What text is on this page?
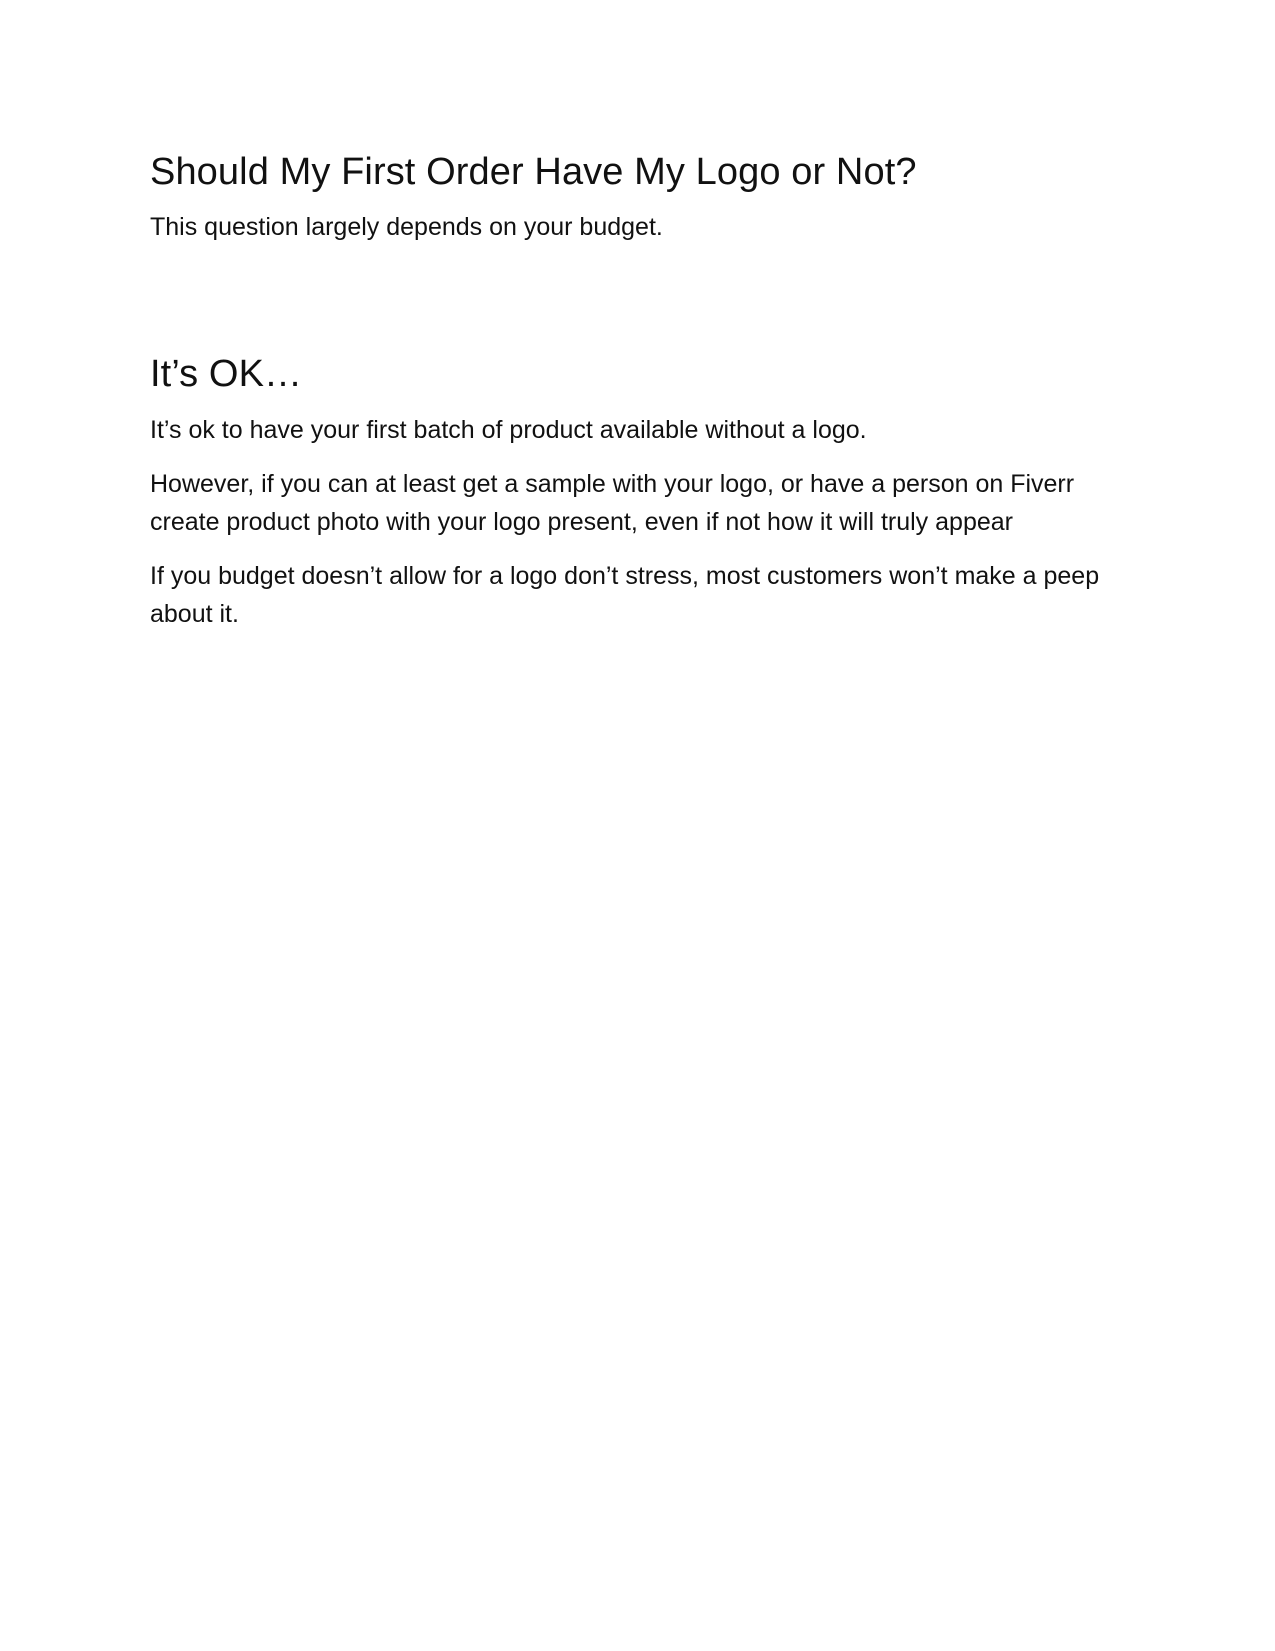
Should My First Order Have My Logo or Not?

This question largely depends on your budget.

It’s OK…

It’s ok to have your first batch of product available without a logo.

However, if you can at least get a sample with your logo, or have a person on Fiverr create product photo with your logo present, even if not how it will truly appear

If you budget doesn’t allow for a logo don’t stress, most customers won’t make a peep about it.
